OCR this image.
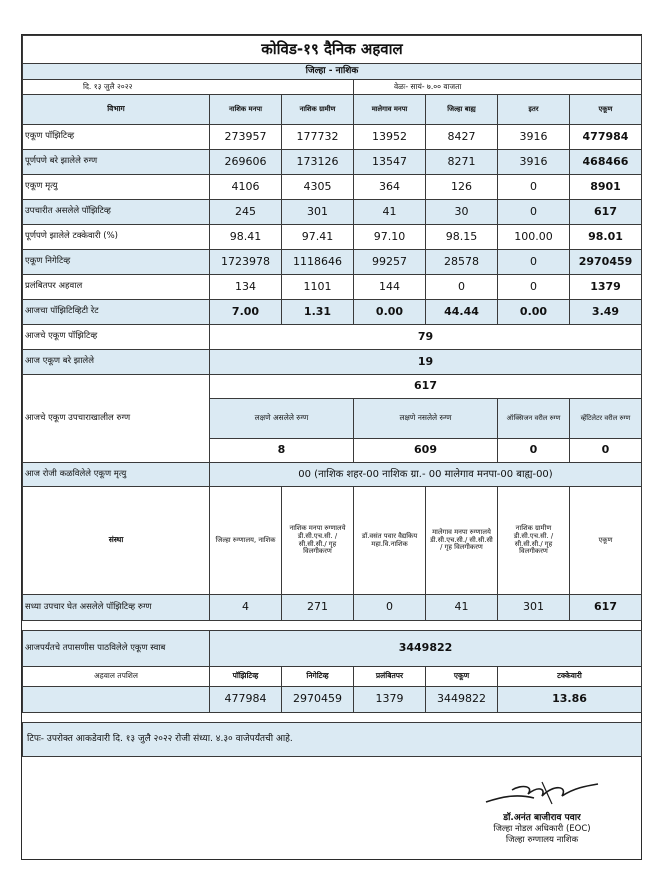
कोविड-१९ दैनिक अहवाल						
जिल्हा - नाशिक						
दि. १३ जुलै २०२२			वेळः- सायं- ७.०० वाजता			
विभाग	नाशिक मनपा	नाशिक ग्रामीण	मालेगाव मनपा	जिल्हा बाह्य	इतर	एकूण
एकूण पॉझिटिव्ह	273957	177732	13952	8427	3916	477984
पूर्णपणे बरे झालेले रुग्ण	269606	173126	13547	8271	3916	468466
एकूण मृत्यु	4106	4305	364	126	0	8901
उपचारीत असलेले पॉझिटिव्ह	245	301	41	30	0	617
पूर्णपणे झालेले टक्केवारी (%)	98.41	97.41	97.10	98.15	100.00	98.01
एकूण निगेटिव्ह	1723978	1118646	99257	28578	0	2970459
प्रलंबितपर अहवाल	134	1101	144	0	0	1379
आजचा पॉझिटिव्हिटी रेट	7.00	1.31	0.00	44.44	0.00	3.49
आजचे एकूण पॉझिटिव्ह	79					
आज एकूण बरे झालेले	19					
आजचे एकूण उपचाराखालील रुग्ण	617					
	लक्षणे असलेले रुग्ण		लक्षणे नसलेले रुग्ण		ऑक्सिजन वरील रुग्ण	व्हेंटिलेटर वरील रुग्ण
	8		609		0	0
आज रोजी कळविलेले एकूण मृत्यु	00 (नाशिक शहर-00 नाशिक ग्रा.- 00 मालेगाव मनपा-00 बाह्य-00)					
संस्था	जिल्हा रुग्णालय, नाशिक	नाशिक मनपा रुग्णालये डी.सी.एच.सी. / सी.सी.सी./ गृह विलगीकरण	डॉ.वसंत पवार वैद्यकिय महा.वि.नाशिक	मालेगाव मनपा रुग्णालये डी.सी.एच.सी./ सी.सी.सी / गृह विलगीकरण	नाशिक ग्रामीण डी.सी.एच.सी. /सी.सी.सी./ गृह विलगीकरण	एकूण
सध्या उपचार घेत असलेले पॉझिटिव्ह रुग्ण	4	271	0	41	301	617

आजपर्यंतचे तपासणीस पाठविलेले एकूण स्वाब	3449822					
अहवाल तपशिल	पॉझिटिव्ह	निगेटिव्ह	प्रलंबितपर	एकूण	टक्केवारी	
	477984	2970459	1379	3449822	13.86	

टिपः- उपरोक्त आकडेवारी दि. १३ जुलै २०२२ रोजी संध्या. ४.३० वाजेपर्यंतची आहे.						
डॉ.अनंत बाजीराव पवार
जिल्हा नोडल अधिकारी (EOC)
जिल्हा रुग्णालय नाशिक
